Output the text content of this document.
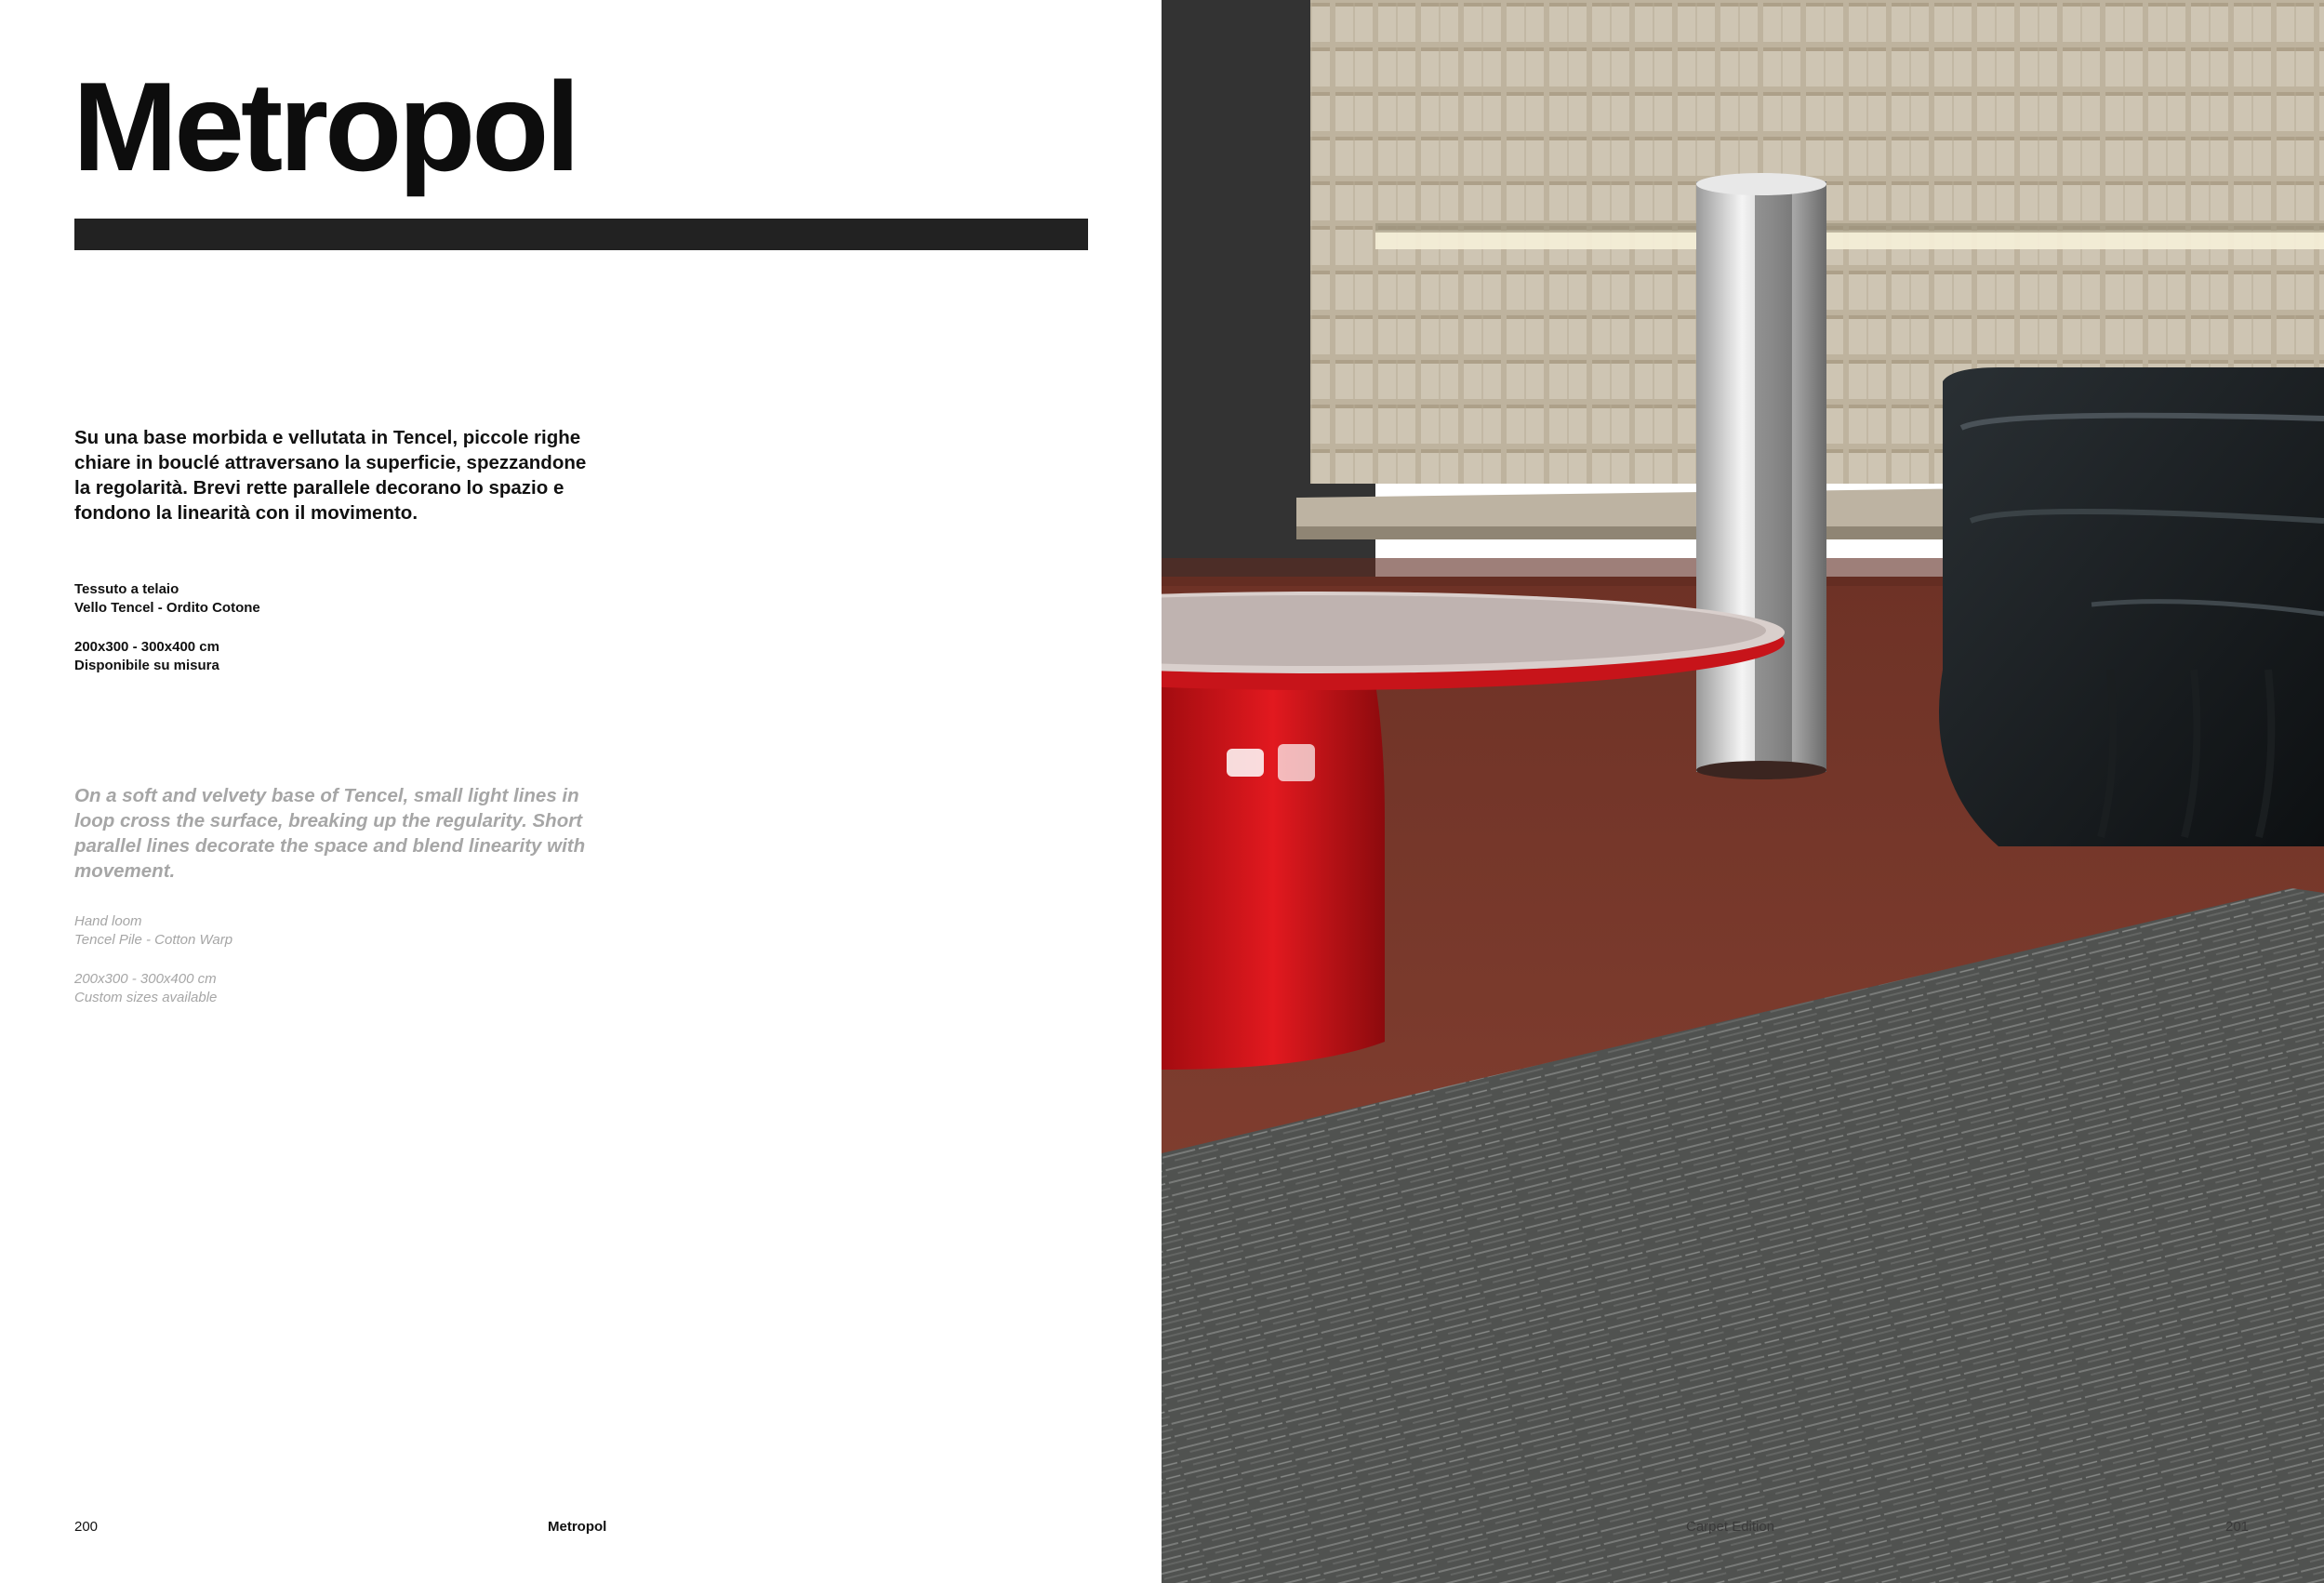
Metropol

Su una base morbida e vellutata in Tencel, piccole righe chiare in bouclé attraversano la superficie, spezzandone la regolarità. Brevi rette parallele decorano lo spazio e fondono la linearità con il movimento.

Tessuto a telaio
Vello Tencel - Ordito Cotone
200x300 - 300x400 cm
Disponibile su misura

On a soft and velvety base of Tencel, small light lines in loop cross the surface, breaking up the regularity. Short parallel lines decorate the space and blend linearity with movement.

Hand loom
Tencel Pile - Cotton Warp
200x300 - 300x400 cm
Custom sizes available
200	Metropol	Carpet Edition	201
